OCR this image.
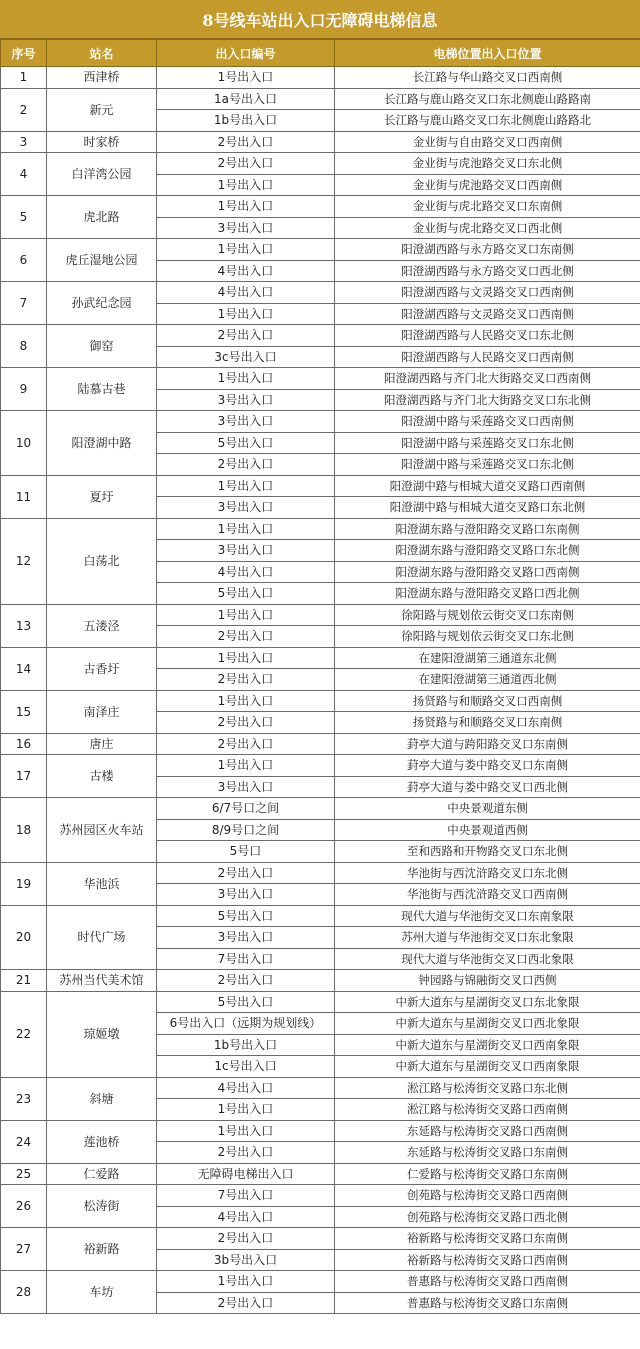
8号线车站出入口无障碍电梯信息
序号	站名	出入口编号	电梯位置出入口位置
1	西津桥	1号出入口	长江路与华山路交叉口西南侧
2	新元	1a号出入口	长江路与鹿山路交叉口东北侧鹿山路路南
		1b号出入口	长江路与鹿山路交叉口东北侧鹿山路路北
3	时家桥	2号出入口	金业街与自由路交叉口西南侧
4	白洋湾公园	2号出入口	金业街与虎池路交叉口东北侧
		1号出入口	金业街与虎池路交叉口西南侧
5	虎北路	1号出入口	金业街与虎北路交叉口东南侧
		3号出入口	金业街与虎北路交叉口西北侧
6	虎丘湿地公园	1号出入口	阳澄湖西路与永方路交叉口东南侧
		4号出入口	阳澄湖西路与永方路交叉口西北侧
7	孙武纪念园	4号出入口	阳澄湖西路与文灵路交叉口西南侧
		1号出入口	阳澄湖西路与文灵路交叉口西南侧
8	御窑	2号出入口	阳澄湖西路与人民路交叉口东北侧
		3c号出入口	阳澄湖西路与人民路交叉口西南侧
9	陆慕古巷	1号出入口	阳澄湖西路与齐门北大街路交叉口西南侧
		3号出入口	阳澄湖西路与齐门北大街路交叉口东北侧
10	阳澄湖中路	3号出入口	阳澄湖中路与采莲路交叉口西南侧
		5号出入口	阳澄湖中路与采莲路交叉口东北侧
		2号出入口	阳澄湖中路与采莲路交叉口东北侧
11	夏圩	1号出入口	阳澄湖中路与相城大道交叉路口西南侧
		3号出入口	阳澄湖中路与相城大道交叉路口东北侧
12	白荡北	1号出入口	阳澄湖东路与澄阳路交叉路口东南侧
		3号出入口	阳澄湖东路与澄阳路交叉路口东北侧
		4号出入口	阳澄湖东路与澄阳路交叉路口西南侧
		5号出入口	阳澄湖东路与澄阳路交叉路口西北侧
13	五溇泾	1号出入口	徐阳路与规划依云街交叉口东南侧
		2号出入口	徐阳路与规划依云街交叉口东北侧
14	古香圩	1号出入口	在建阳澄湖第三通道东北侧
		2号出入口	在建阳澄湖第三通道西北侧
15	南泽庄	1号出入口	扬贤路与和顺路交叉口西南侧
		2号出入口	扬贤路与和顺路交叉口东南侧
16	唐庄	2号出入口	葑亭大道与跨阳路交叉口东南侧
17	古楼	1号出入口	葑亭大道与娄中路交叉口东南侧
		3号出入口	葑亭大道与娄中路交叉口西北侧
18	苏州园区火车站	6/7号口之间	中央景观道东侧
		8/9号口之间	中央景观道西侧
		5号口	至和西路和开物路交叉口东北侧
19	华池浜	2号出入口	华池街与西沈浒路交叉口东北侧
		3号出入口	华池街与西沈浒路交叉口西南侧
20	时代广场	5号出入口	现代大道与华池街交叉口东南象限
		3号出入口	苏州大道与华池街交叉口东北象限
		7号出入口	现代大道与华池街交叉口西北象限
21	苏州当代美术馆	2号出入口	钟园路与锦融街交叉口西侧
22	琼姬墩	5号出入口	中新大道东与星湖街交叉口东北象限
		6号出入口（远期为规划线）	中新大道东与星湖街交叉口西北象限
		1b号出入口	中新大道东与星湖街交叉口西南象限
		1c号出入口	中新大道东与星湖街交叉口西南象限
23	斜塘	4号出入口	淞江路与松涛街交叉路口东北侧
		1号出入口	淞江路与松涛街交叉路口西南侧
24	莲池桥	1号出入口	东延路与松涛街交叉路口西南侧
		2号出入口	东延路与松涛街交叉路口东南侧
25	仁爱路	无障碍电梯出入口	仁爱路与松涛街交叉路口东南侧
26	松涛街	7号出入口	创苑路与松涛街交叉路口西南侧
		4号出入口	创苑路与松涛街交叉路口西北侧
27	裕新路	2号出入口	裕新路与松涛街交叉路口东南侧
		3b号出入口	裕新路与松涛街交叉路口西南侧
28	车坊	1号出入口	普惠路与松涛街交叉路口西南侧
		2号出入口	普惠路与松涛街交叉路口东南侧
